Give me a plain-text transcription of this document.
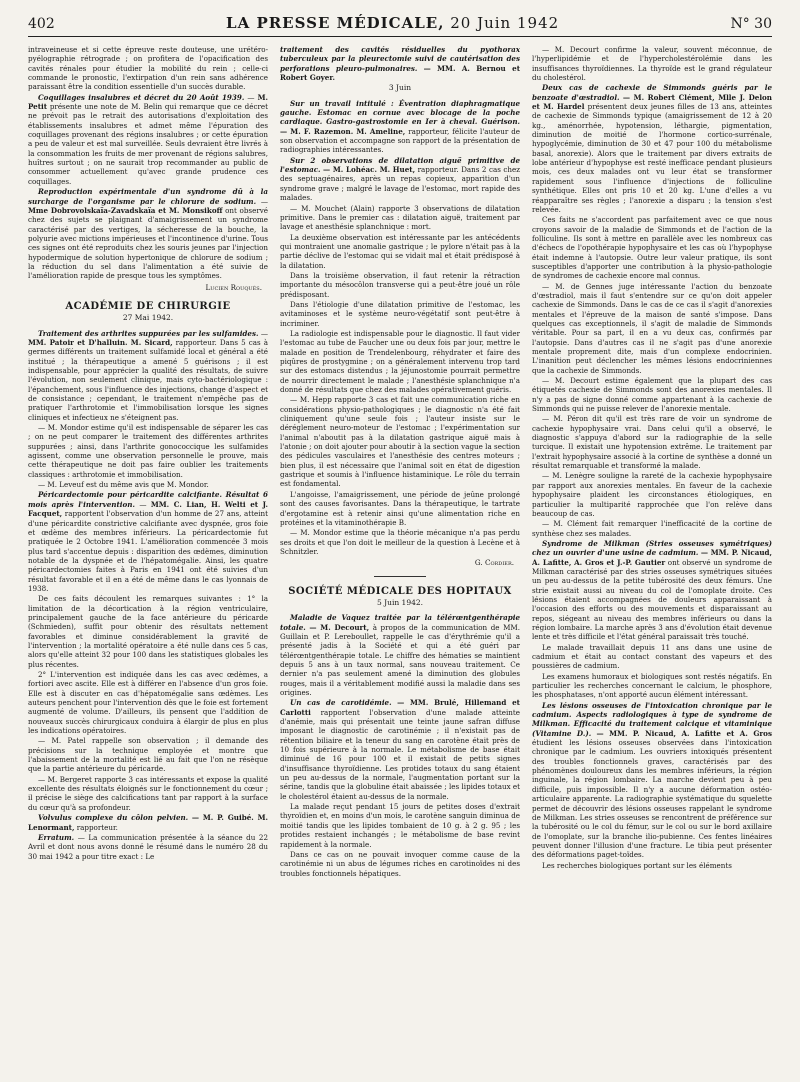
402	LA PRESSE MÉDICALE, 20 Juin 1942	N° 30

intraveineuse et si cette épreuve reste douteuse, une urétéro-pyélographie rétrograde ; on profitera de l'opacification des cavités rénales pour étudier la mobilité du rein ; celle-ci commande le pronostic, l'extirpation d'un rein sans adhérence paraissant être la condition essentielle d'un succès durable.

Coquillages insalubres et décret du 20 Août 1939. — M. Petit présente une note de M. Belin qui remarque que ce décret ne prévoit pas le retrait des autorisations d'exploitation des établissements insalubres et admet même l'épuration des coquillages provenant des régions insalubres ; or cette épuration a peu de valeur et est mal surveillée. Seuls devraient être livrés à la consommation les fruits de mer provenant de régions salubres, huîtres surtout ; on ne saurait trop recommander au public de consommer actuellement qu'avec grande prudence ces coquillages.

Reproduction expérimentale d'un syndrome dû à la surcharge de l'organisme par le chlorure de sodium. — Mme Dobrovolskaïa-Zavadskaïa et M. Monsikoff ont observé chez des sujets se plaignant d'amaigrissement un syndrome caractérisé par des vertiges, la sécheresse de la bouche, la polyurie avec mictions impérieuses et l'incontinence d'urine. Tous ces signes ont été reproduits chez les souris jeunes par l'injection hypodermique de solution hypertonique de chlorure de sodium ; la réduction du sel dans l'alimentation a été suivie de l'amélioration rapide de presque tous les symptômes.

Lucien Rouquès.
ACADÉMIE DE CHIRURGIE
27 Mai 1942.

Traitement des arthrites suppurées par les sulfamides. — MM. Patoir et D'halluin. M. Sicard, rapporteur. Dans 5 cas à germes différents un traitement sulfamidé local et général a été institué ; la thérapeutique a amené 5 guérisons ; il est indispensable, pour apprécier la qualité des résultats, de suivre l'évolution, non seulement clinique, mais cyto-bactériologique : l'épanchement, sous l'influence des injections, change d'aspect et de consistance ; cependant, le traitement n'empêche pas de pratiquer l'arthrotomie et l'immobilisation lorsque les signes cliniques et infectieux ne s'éteignent pas.

— M. Mondor estime qu'il est indispensable de séparer les cas ; on ne peut comparer le traitement des différentes arthrites suppurées ; ainsi, dans l'arthrite gonococcique les sulfamides agissent, comme une observation personnelle le prouve, mais cette thérapeutique ne doit pas faire oublier les traitements classiques : arthrotomie et immobilisation.

— M. Leveuf est du même avis que M. Mondor.

Péricardectomie pour péricardite calcifiante. Résultat 6 mois après l'intervention. — MM. C. Lian, H. Welti et J. Facquet, rapportent l'observation d'un homme de 27 ans, atteint d'une péricardite constrictive calcifiante avec dyspnée, gros foie et œdème des membres inférieurs. La péricardectomie fut pratiquée le 2 Octobre 1941. L'amélioration commencée 3 mois plus tard s'accentue depuis : disparition des œdèmes, diminution notable de la dyspnée et de l'hépatomégalie. Ainsi, les quatre péricardectomies faites à Paris en 1941 ont été suivies d'un résultat favorable et il en a été de même dans le cas lyonnais de 1938.

De ces faits découlent les remarques suivantes : 1° la limitation de la décortication à la région ventriculaire, principalement gauche de la face antérieure du péricarde (Schmieden), suffit pour obtenir des résultats nettement favorables et diminue considérablement la gravité de l'intervention ; la mortalité opératoire a été nulle dans ces 5 cas, alors qu'elle atteint 32 pour 100 dans les statistiques globales les plus récentes.

2° L'intervention est indiquée dans les cas avec œdèmes, a fortiori avec ascite. Elle est à différer en l'absence d'un gros foie. Elle est à discuter en cas d'hépatomégalie sans œdèmes. Les auteurs penchent pour l'intervention dès que le foie est fortement augmenté de volume. D'ailleurs, ils pensent que l'addition de nouveaux succès chirurgicaux conduira à élargir de plus en plus les indications opératoires.

— M. Patel rappelle son observation ; il demande des précisions sur la technique employée et montre que l'abaissement de la mortalité est lié au fait que l'on ne résèque que la partie antérieure du péricarde.

— M. Bergeret rapporte 3 cas intéressants et expose la qualité excellente des résultats éloignés sur le fonctionnement du cœur ; il précise le siège des calcifications tant par rapport à la surface du cœur qu'à sa profondeur.

Volvulus complexe du côlon pelvien. — M. P. Guibé. M. Lenormant, rapporteur.

Erratum. — La communication présentée à la séance du 22 Avril et dont nous avons donné le résumé dans le numéro 28 du 30 mai 1942 a pour titre exact : Le

traitement des cavités résiduelles du pyothorax tuberculeux par la pleurectomie suivi de cautérisation des perforations pleuro-pulmonaires. — MM. A. Bernou et Robert Goyer.

3 Juin

Sur un travail intitulé : Éventration diaphragmatique gauche. Estomac en cornue avec blocage de la poche cardiaque. Gastro-gastrostomie en Ier à cheval. Guérison. — M. F. Razemon. M. Ameline, rapporteur, félicite l'auteur de son observation et accompagne son rapport de la présentation de radiographies intéressantes.

Sur 2 observations de dilatation aiguë primitive de l'estomac. — M. Lohéac. M. Huet, rapporteur. Dans 2 cas chez des septuagénaires, après un repas copieux, apparition d'un syndrome grave ; malgré le lavage de l'estomac, mort rapide des malades.

— M. Mouchet (Alain) rapporte 3 observations de dilatation primitive. Dans le premier cas : dilatation aiguë, traitement par lavage et anesthésie splanchnique : mort.

La deuxième observation est intéressante par les antécédents qui montraient une anomalie gastrique ; le pylore n'était pas à la partie déclive de l'estomac qui se vidait mal et était prédisposé à la dilatation.

Dans la troisième observation, il faut retenir la rétraction importante du mésocôlon transverse qui a peut-être joué un rôle prédisposant.

Dans l'étiologie d'une dilatation primitive de l'estomac, les avitaminoses et le système neuro-végétatif sont peut-être à incriminer.

La radiologie est indispensable pour le diagnostic. Il faut vider l'estomac au tube de Faucher une ou deux fois par jour, mettre le malade en position de Trendelenbourg, réhydrater et faire des piqûres de prostygmine ; on a généralement intervenu trop tard sur des estomacs distendus ; la jéjunostomie pourrait permettre de nourrir directement le malade ; l'anesthésie splanchnique n'a donné de résultats que chez des malades opérativement guéris.

— M. Hepp rapporte 3 cas et fait une communication riche en considérations physio-pathologiques ; le diagnostic n'a été fait cliniquement qu'une seule fois ; l'auteur insiste sur le déréglement neuro-moteur de l'estomac ; l'expérimentation sur l'animal n'aboutit pas à la dilatation gastrique aiguë mais à l'atonie ; on doit ajouter pour aboutir à la section vague la section des pédicules vasculaires et l'anesthésie des centres moteurs ; bien plus, il est nécessaire que l'animal soit en état de digestion gastrique et soumis à l'influence histaminique. Le rôle du terrain est fondamental.

L'angoisse, l'amaigrissement, une période de jeûne prolongé sont des causes favorisantes. Dans la thérapeutique, le tartrate d'ergotamine est à retenir ainsi qu'une alimentation riche en protéines et la vitaminothérapie B.

— M. Mondor estime que la théorie mécanique n'a pas perdu ses droits et que l'on doit le meilleur de la question à Lecène et à Schnitzler.

G. Cordier.
SOCIÉTÉ MÉDICALE DES HOPITAUX
5 Juin 1942.

Maladie de Vaquez traitée par la télérœntgenthérapie totale. — M. Decourt, à propos de la communication de MM. Guillain et P. Lereboullet, rappelle le cas d'érythrémie qu'il a présenté jadis à la Société et qui a été guéri par télérœntgenthérapie totale. Le chiffre des hématies se maintient depuis 5 ans à un taux normal, sans nouveau traitement. Ce dernier n'a pas seulement amené la diminution des globules rouges, mais il a véritablement modifié aussi la maladie dans ses origines.

Un cas de carotidémie. — MM. Brulé, Hillemand et Carlotti rapportent l'observation d'une malade atteinte d'anémie, mais qui présentait une teinte jaune safran diffuse imposant le diagnostic de carotinémie ; il n'existait pas de rétention biliaire et la teneur du sang en carotène était près de 10 fois supérieure à la normale. Le métabolisme de base était diminué de 16 pour 100 et il existait de petits signes d'insuffisance thyroïdienne. Les protides totaux du sang étaient un peu au-dessus de la normale, l'augmentation portant sur la sérine, tandis que la globuline était abaissée ; les lipides totaux et le cholestérol étaient au-dessus de la normale.

La malade reçut pendant 15 jours de petites doses d'extrait thyroïdien et, en moins d'un mois, le carotène sanguin diminua de moitié tandis que les lipides tombaient de 10 g. à 2 g. 95 ; les protides restaient inchangés ; le métabolisme de base revint rapidement à la normale.

Dans ce cas on ne pouvait invoquer comme cause de la carotinémie ni un abus de légumes riches en carotinoïdes ni des troubles fonctionnels hépatiques.

— M. Decourt confirme la valeur, souvent méconnue, de l'hyperlipidémie et de l'hypercholestérolémie dans les insuffisances thyroïdiennes. La thyroïde est le grand régulateur du cholestérol.

Deux cas de cachexie de Simmonds guéris par le benzoate d'œstradiol. — M. Robert Clément, Mlle J. Delon et M. Hardel présentent deux jeunes filles de 13 ans, atteintes de cachexie de Simmonds typique (amaigrissement de 12 à 20 kg., aménorrhée, hypotension, léthargie, pigmentation, diminution de moitié de l'hormone cortico-surrénale, hypoglycémie, diminution de 30 et 47 pour 100 du métabolisme basal, anorexie). Alors que le traitement par divers extraits de lobe antérieur d'hypophyse est resté inefficace pendant plusieurs mois, ces deux malades ont vu leur état se transformer rapidement sous l'influence d'injections de folliculine synthétique. Elles ont pris 10 et 20 kg. L'une d'elles a vu réapparaître ses règles ; l'anorexie a disparu ; la tension s'est relevée.

Ces faits ne s'accordent pas parfaitement avec ce que nous croyons savoir de la maladie de Simmonds et de l'action de la folliculine. Ils sont à mettre en parallèle avec les nombreux cas d'échecs de l'opothérapie hypophysaire et les cas où l'hypophyse était indemne à l'autopsie. Outre leur valeur pratique, ils sont susceptibles d'apporter une contribution à la physio-pathologie de syndromes de cachexie encore mal connus.

— M. de Gennes juge intéressante l'action du benzoate d'œstradiol, mais il faut s'entendre sur ce qu'on doit appeler cachexie de Simmonds. Dans le cas de ce cas il s'agit d'anorexies mentales et l'épreuve de la maison de santé s'impose. Dans quelques cas exceptionnels, il s'agit de maladie de Simmonds véritable. Pour sa part, il en a vu deux cas, confirmés par l'autopsie. Dans d'autres cas il ne s'agit pas d'une anorexie mentale proprement dite, mais d'un complexe endocrinien. L'inanition peut déclencher les mêmes lésions endocriniennes que la cachexie de Simmonds.

— M. Decourt estime également que la plupart des cas étiquetés cachexie de Simmonds sont des anorexies mentales. Il n'y a pas de signe donné comme appartenant à la cachexie de Simmonds qui ne puisse relever de l'anorexie mentale.

— M. Péron dit qu'il est très rare de voir un syndrome de cachexie hypophysaire vrai. Dans celui qu'il a observé, le diagnostic s'appuya d'abord sur la radiographie de la selle turcique. Il existait une hypotension extrême. Le traitement par l'extrait hypophysaire associé à la cortine de synthèse a donné un résultat remarquable et transformé la malade.

— M. Lenègre souligne la rareté de la cachexie hypophysaire par rapport aux anorexies mentales. En faveur de la cachexie hypophysaire plaident les circonstances étiologiques, en particulier la multiparité rapprochée que l'on relève dans beaucoup de cas.

— M. Clément fait remarquer l'inefficacité de la cortine de synthèse chez ses malades.

Syndrome de Milkman (Stries osseuses symétriques) chez un ouvrier d'une usine de cadmium. — MM. P. Nicaud, A. Lafitte, A. Gros et J.-P. Gautier ont observé un syndrome de Milkman caractérisé par des stries osseuses symétriques situées un peu au-dessus de la petite tubérosité des deux fémurs. Une strie existait aussi au niveau du col de l'omoplate droite. Ces lésions étaient accompagnées de douleurs apparaissant à l'occasion des efforts ou des mouvements et disparaissant au repos, siégeant au niveau des membres inférieurs ou dans la région lombaire. La marche après 3 ans d'évolution était devenue lente et très difficile et l'état général paraissait très touché.

Le malade travaillait depuis 11 ans dans une usine de cadmium et était au contact constant des vapeurs et des poussières de cadmium.

Les examens humoraux et biologiques sont restés négatifs. En particulier les recherches concernant le calcium, le phosphore, les phosphatases, n'ont apporté aucun élément intéressant.

Les lésions osseuses de l'intoxication chronique par le cadmium. Aspects radiologiques à type de syndrome de Milkman. Efficacité du traitement calcique et vitaminique (Vitamine D.). — MM. P. Nicaud, A. Lafitte et A. Gros étudient les lésions osseuses observées dans l'intoxication chronique par le cadmium. Les ouvriers intoxiqués présentent des troubles fonctionnels graves, caractérisés par des phénomènes douloureux dans les membres inférieurs, la région inguinale, la région lombaire. La marche devient peu à peu difficile, puis impossible. Il n'y a aucune déformation ostéo-articulaire apparente. La radiographie systématique du squelette permet de découvrir des lésions osseuses rappelant le syndrome de Milkman. Les stries osseuses se rencontrent de préférence sur la tubérosité ou le col du fémur, sur le col ou sur le bord axillaire de l'omoplate, sur la branche ilio-pubienne. Ces fentes linéaires peuvent donner l'illusion d'une fracture. Le tibia peut présenter des déformations paget-toïdes.

Les recherches biologiques portant sur les éléments
